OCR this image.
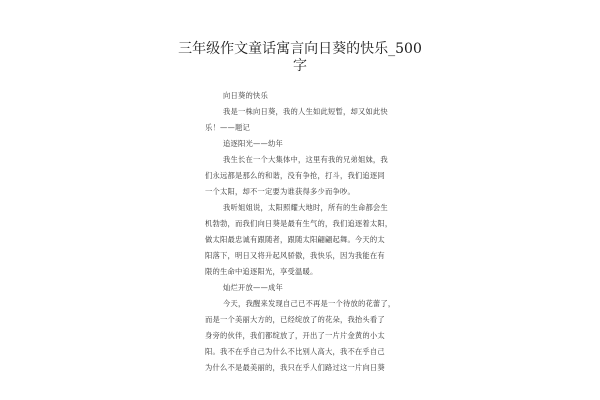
三年级作文童话寓言向日葵的快乐_500
字
向日葵的快乐
我是一株向日葵，我的人生如此短暂，却又如此快
乐！——题记
追逐阳光——幼年
我生长在一个大集体中，这里有我的兄弟姐妹，我
们永远都是那么的和谐，没有争抢，打斗，我们追逐同
一个太阳，却不一定要为谁获得多少而争吵。
我听姐姐说，太阳照耀大地时，所有的生命都会生
机勃勃，而我们向日葵是最有生气的，我们追逐着太阳，
做太阳最忠诚有跟随者，跟随太阳翩翩起舞。今天的太
阳落下，明日又将升起风骄傲，我快乐，因为我能在有
限的生命中追逐阳光，享受温暖。
灿烂开放——成年
今天，我醒来发现自己已不再是一个待放的花蕾了，
而是一个美丽大方的，已经绽放了的花朵，我抬头看了
身旁的伙伴，我们都绽放了，开出了一片片金黄的小太
阳。我不在乎自己为什么不比别人高大，我不在乎自己
为什么不是最美丽的，我只在乎人们路过这一片向日葵
